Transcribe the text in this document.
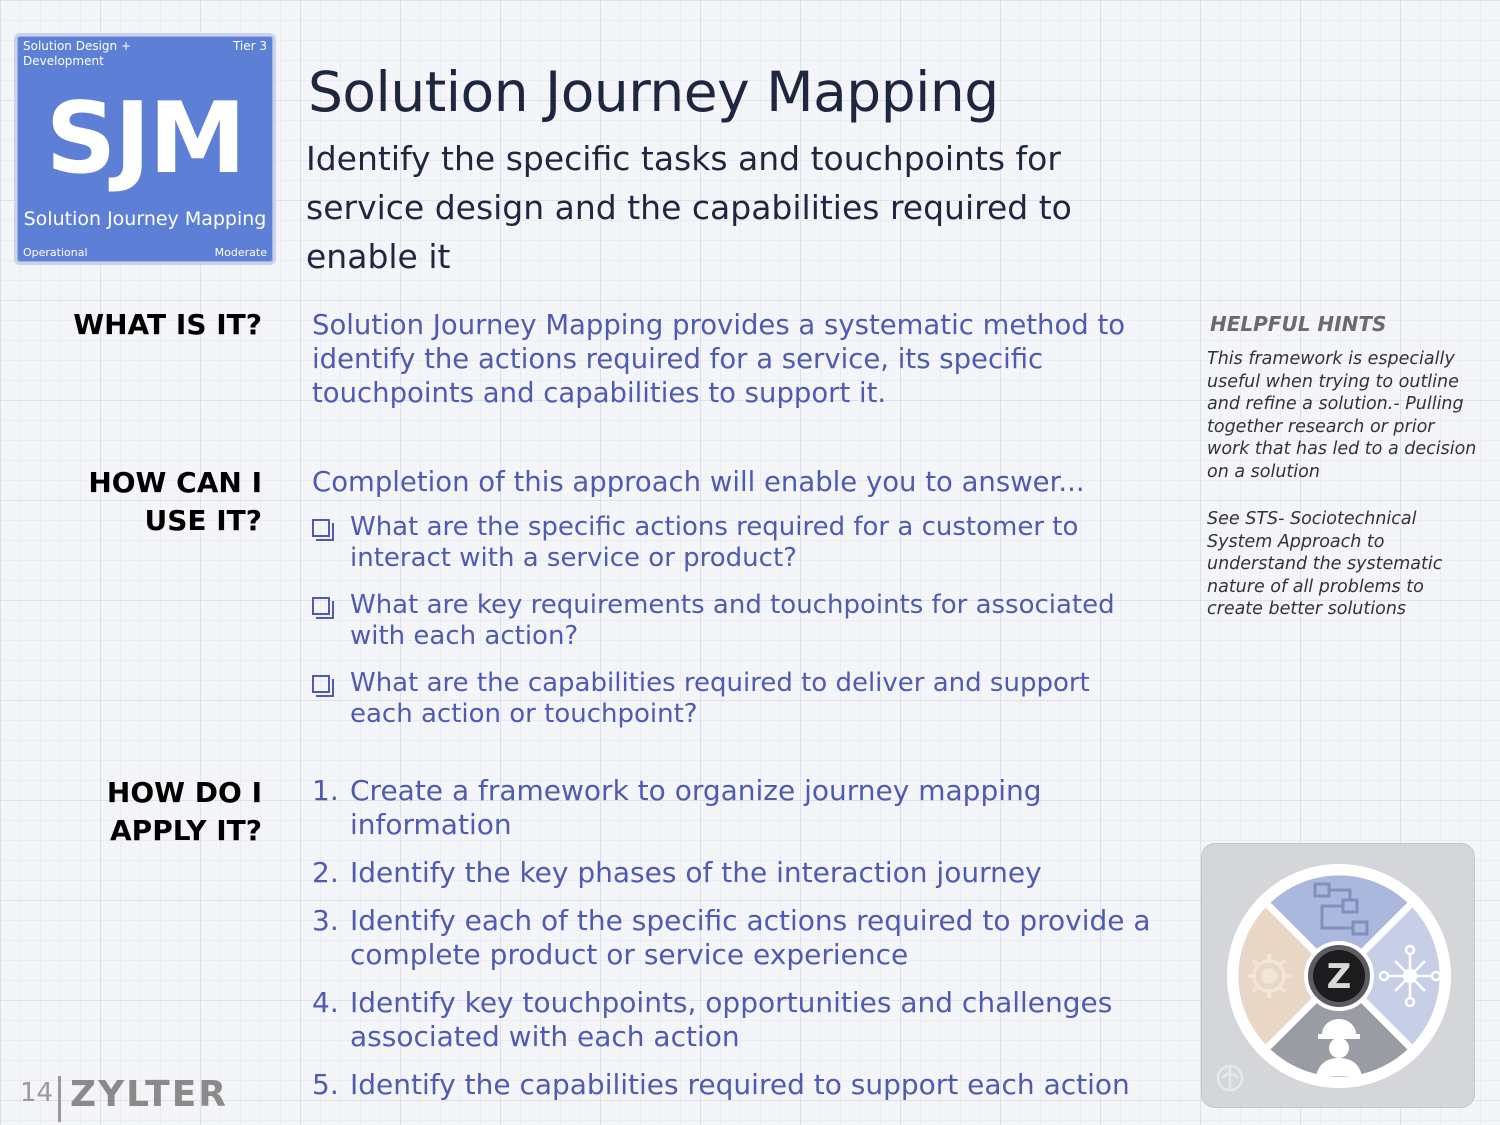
Solution Design + Development
Tier 3
SJM
Solution Journey Mapping
Operational	Moderate
Solution Journey Mapping
Identify the specific tasks and touchpoints for service design and the capabilities required to enable it
WHAT IS IT? Solution Journey Mapping provides a systematic method to identify the actions required for a service, its specific touchpoints and capabilities to support it.
HOW CAN I
USE IT?
Completion of this approach will enable you to answer...
What are the specific actions required for a customer to interact with a service or product?
What are key requirements and touchpoints for associated with each action?
What are the capabilities required to deliver and support each action or touchpoint?
HOW DO I
APPLY IT?
1. Create a framework to organize journey mapping information
2. Identify the key phases of the interaction journey
3. Identify each of the specific actions required to provide a complete product or service experience
4. Identify key touchpoints, opportunities and challenges associated with each action
5. Identify the capabilities required to support each action
HELPFUL HINTS
This framework is especially useful when trying to outline and refine a solution.- Pulling together research or prior work that has led to a decision on a solution
See STS- Sociotechnical System Approach to understand the systematic nature of all problems to create better solutions
Z
14 ZYLTER
